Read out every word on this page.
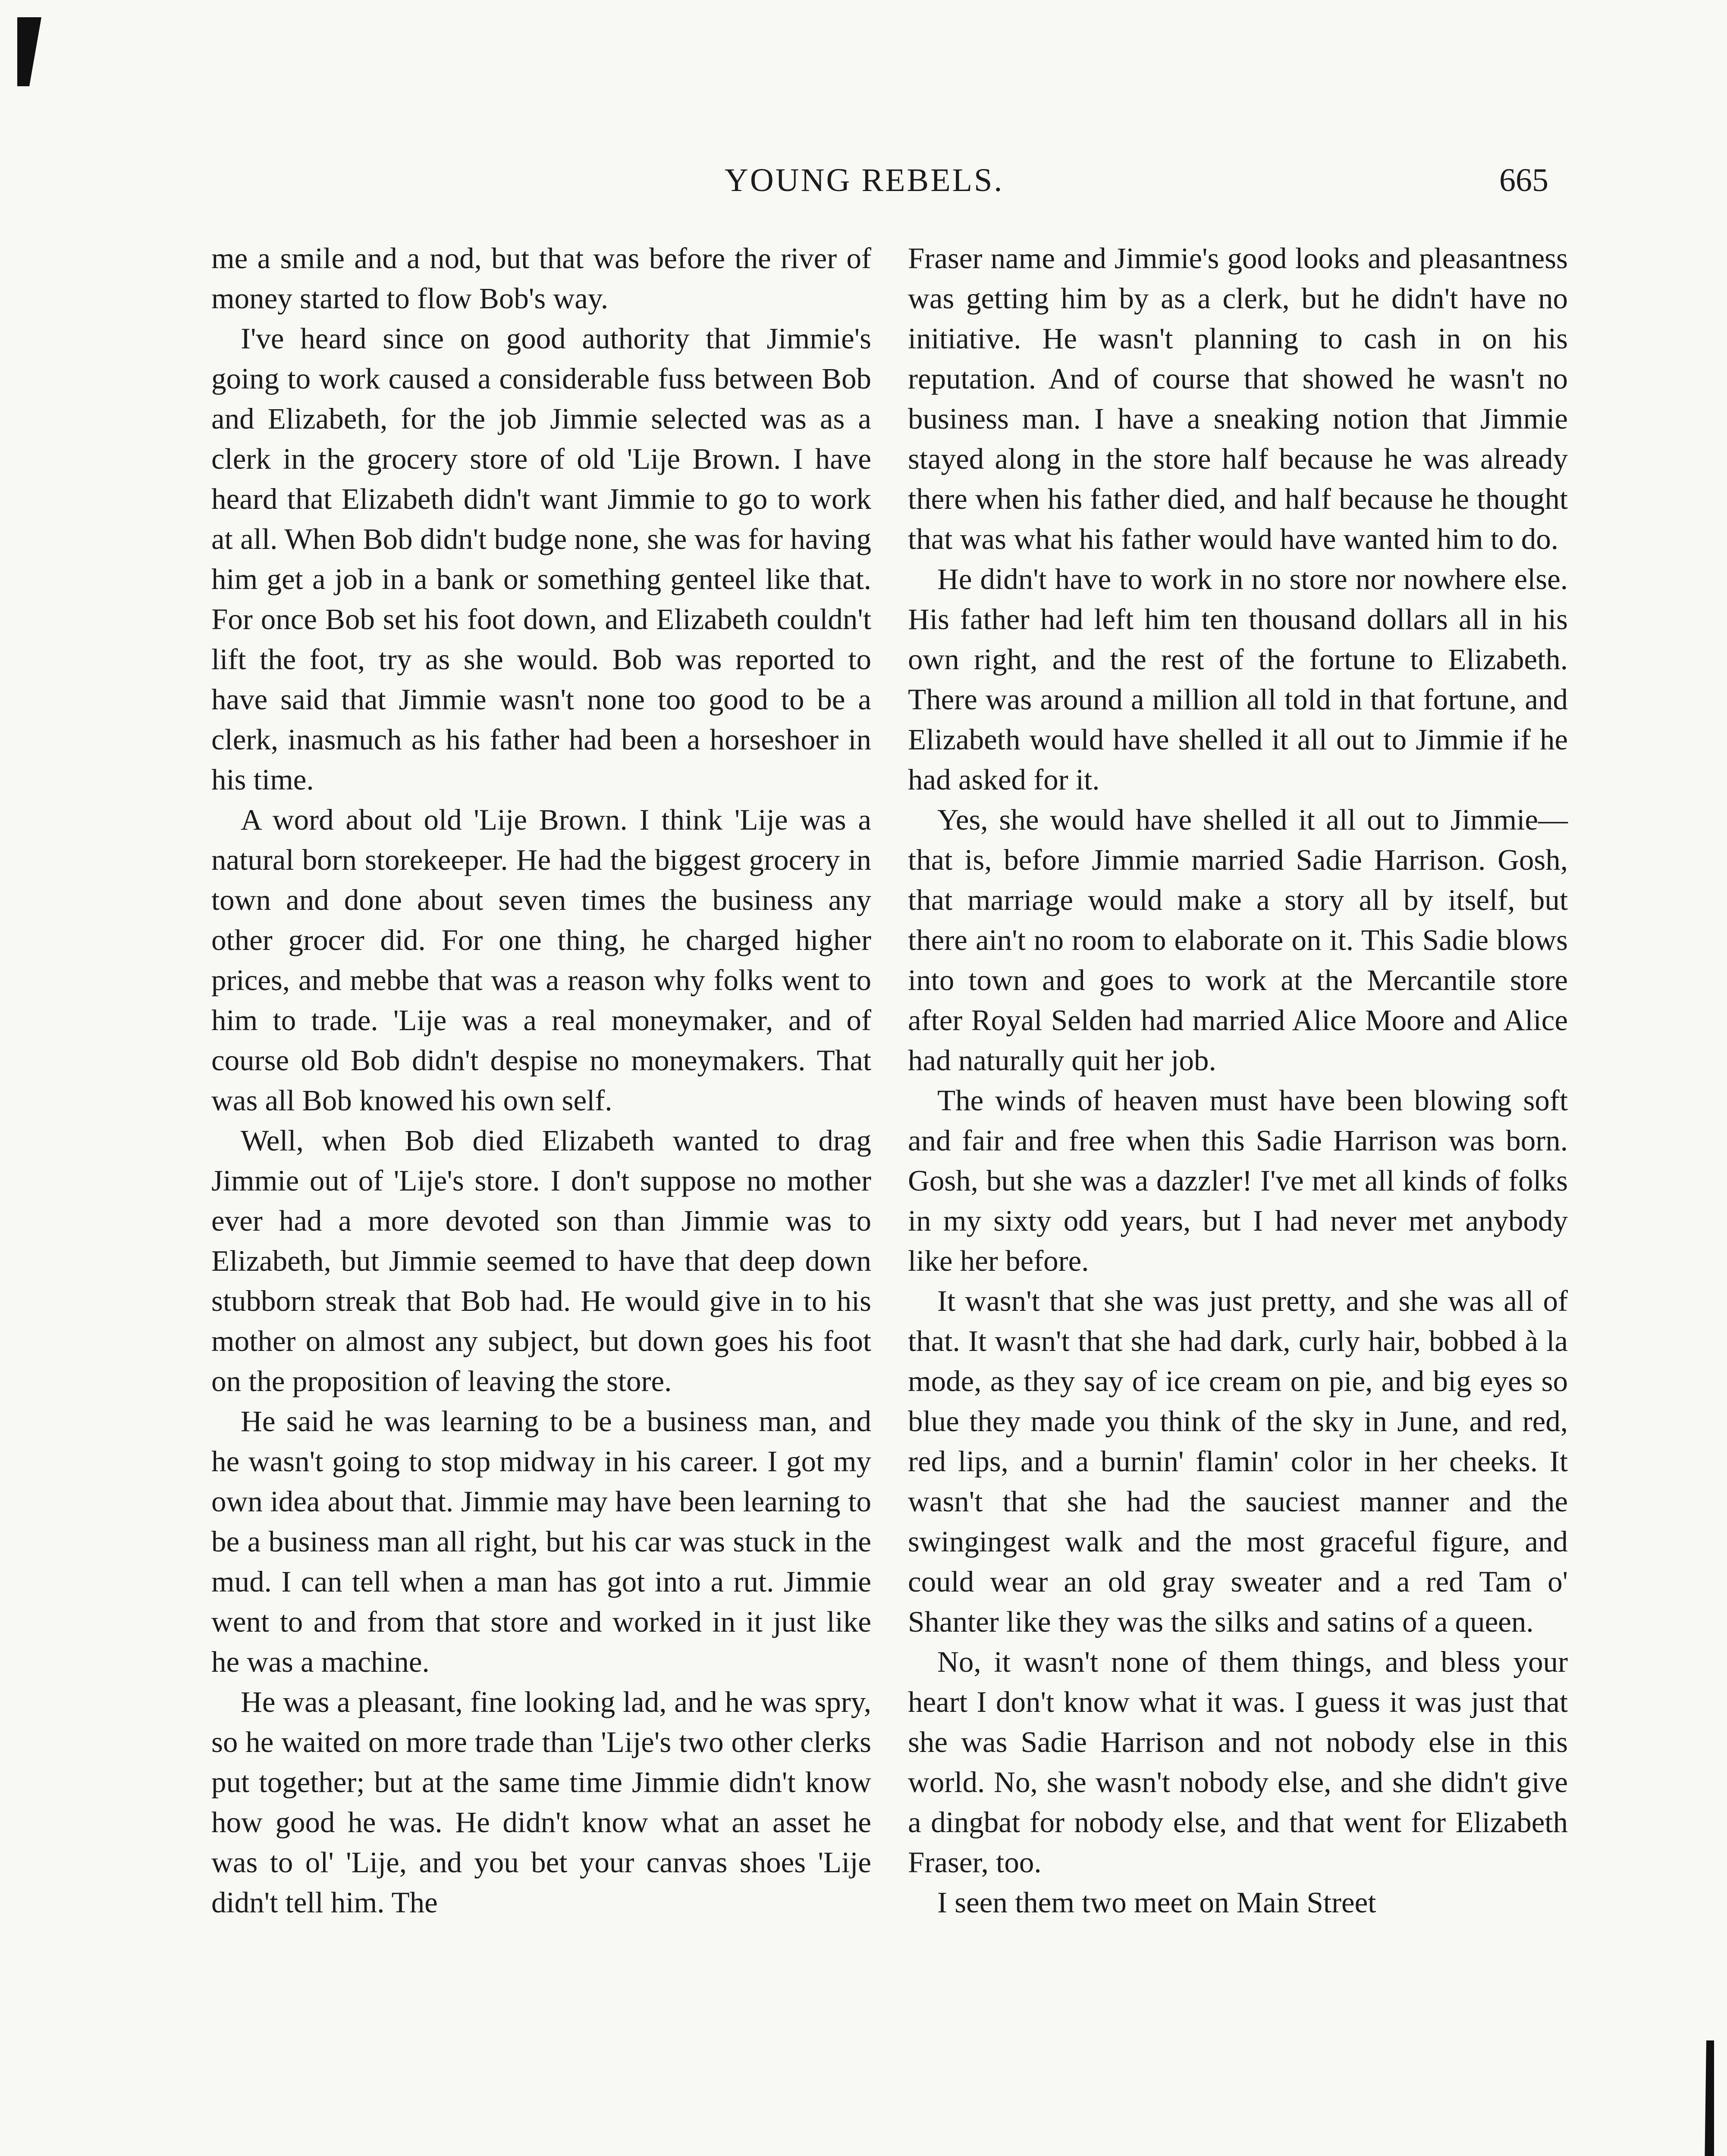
YOUNG REBELS.	665

me a smile and a nod, but that was before the river of money started to flow Bob's way.

I've heard since on good authority that Jimmie's going to work caused a considerable fuss between Bob and Elizabeth, for the job Jimmie selected was as a clerk in the grocery store of old 'Lije Brown. I have heard that Elizabeth didn't want Jimmie to go to work at all. When Bob didn't budge none, she was for having him get a job in a bank or something genteel like that. For once Bob set his foot down, and Elizabeth couldn't lift the foot, try as she would. Bob was reported to have said that Jimmie wasn't none too good to be a clerk, inasmuch as his father had been a horseshoer in his time.

A word about old 'Lije Brown. I think 'Lije was a natural born storekeeper. He had the biggest grocery in town and done about seven times the business any other grocer did. For one thing, he charged higher prices, and mebbe that was a reason why folks went to him to trade. 'Lije was a real moneymaker, and of course old Bob didn't despise no moneymakers. That was all Bob knowed his own self.

Well, when Bob died Elizabeth wanted to drag Jimmie out of 'Lije's store. I don't suppose no mother ever had a more devoted son than Jimmie was to Elizabeth, but Jimmie seemed to have that deep down stubborn streak that Bob had. He would give in to his mother on almost any subject, but down goes his foot on the proposition of leaving the store.

He said he was learning to be a business man, and he wasn't going to stop midway in his career. I got my own idea about that. Jimmie may have been learning to be a business man all right, but his car was stuck in the mud. I can tell when a man has got into a rut. Jimmie went to and from that store and worked in it just like he was a machine.

He was a pleasant, fine looking lad, and he was spry, so he waited on more trade than 'Lije's two other clerks put together; but at the same time Jimmie didn't know how good he was. He didn't know what an asset he was to ol' 'Lije, and you bet your canvas shoes 'Lije didn't tell him. The

Fraser name and Jimmie's good looks and pleasantness was getting him by as a clerk, but he didn't have no initiative. He wasn't planning to cash in on his reputation. And of course that showed he wasn't no business man. I have a sneaking notion that Jimmie stayed along in the store half because he was already there when his father died, and half because he thought that was what his father would have wanted him to do.

He didn't have to work in no store nor nowhere else. His father had left him ten thousand dollars all in his own right, and the rest of the fortune to Elizabeth. There was around a million all told in that fortune, and Elizabeth would have shelled it all out to Jimmie if he had asked for it.

Yes, she would have shelled it all out to Jimmie—that is, before Jimmie married Sadie Harrison. Gosh, that marriage would make a story all by itself, but there ain't no room to elaborate on it. This Sadie blows into town and goes to work at the Mercantile store after Royal Selden had married Alice Moore and Alice had naturally quit her job.

The winds of heaven must have been blowing soft and fair and free when this Sadie Harrison was born. Gosh, but she was a dazzler! I've met all kinds of folks in my sixty odd years, but I had never met anybody like her before.

It wasn't that she was just pretty, and she was all of that. It wasn't that she had dark, curly hair, bobbed à la mode, as they say of ice cream on pie, and big eyes so blue they made you think of the sky in June, and red, red lips, and a burnin' flamin' color in her cheeks. It wasn't that she had the sauciest manner and the swingingest walk and the most graceful figure, and could wear an old gray sweater and a red Tam o' Shanter like they was the silks and satins of a queen.

No, it wasn't none of them things, and bless your heart I don't know what it was. I guess it was just that she was Sadie Harrison and not nobody else in this world. No, she wasn't nobody else, and she didn't give a dingbat for nobody else, and that went for Elizabeth Fraser, too.

I seen them two meet on Main Street
